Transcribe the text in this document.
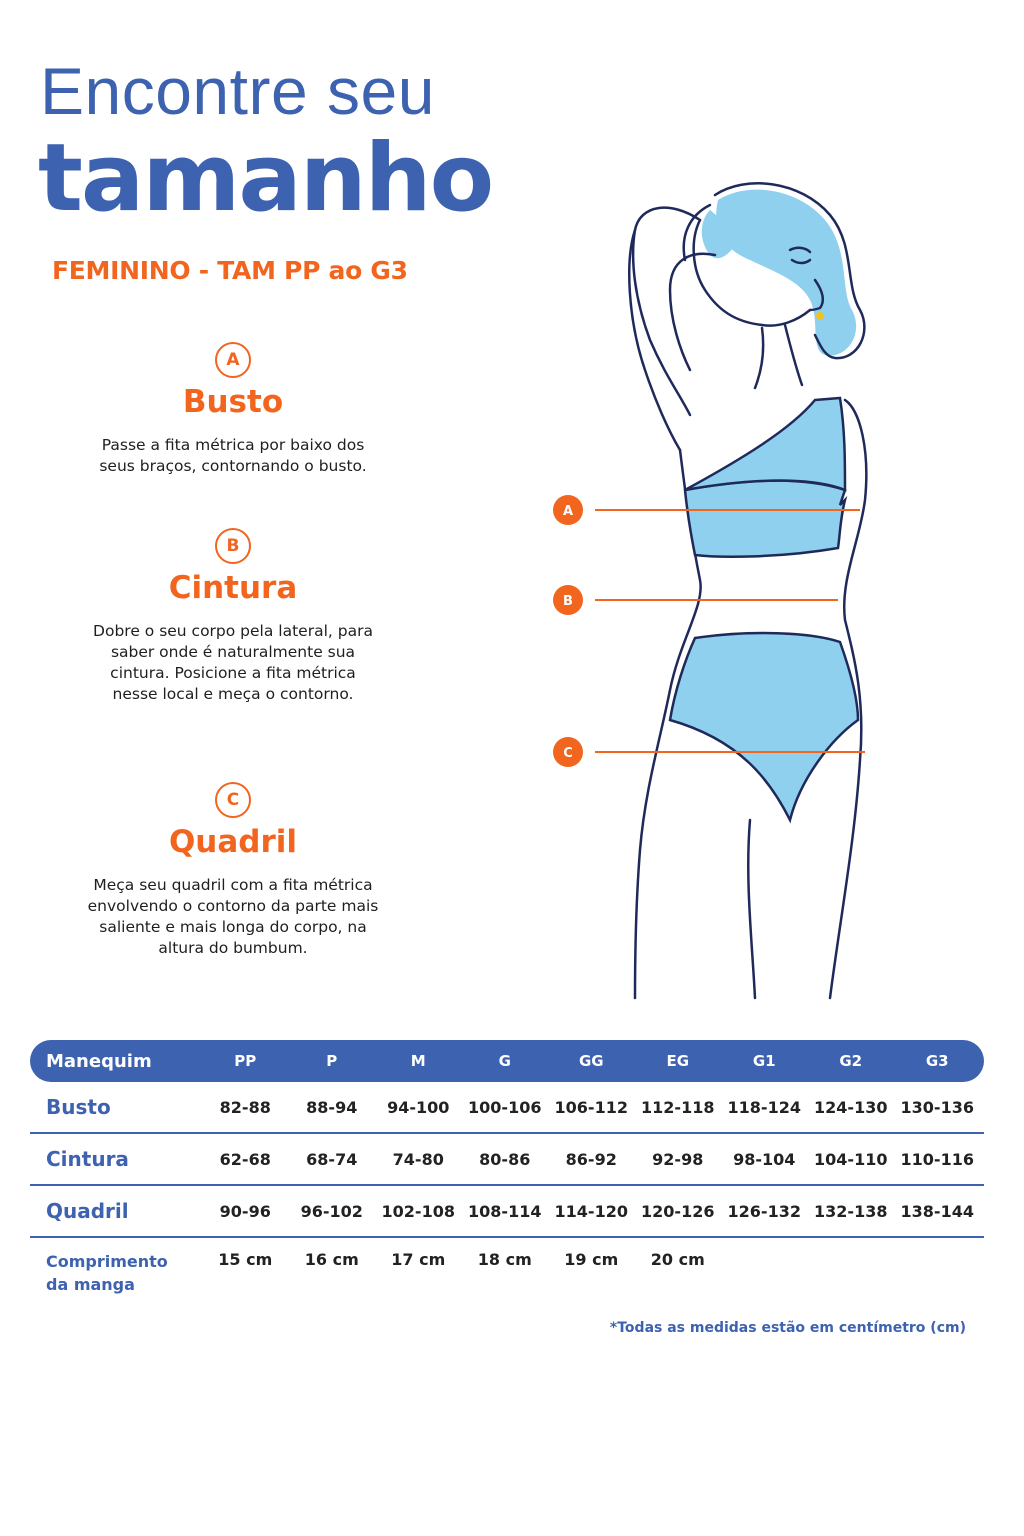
Encontre seu
tamanho
FEMININO - TAM PP ao G3
A
Busto
Passe a fita métrica por baixo dos seus braços, contornando o busto.
B
Cintura
Dobre o seu corpo pela lateral, para saber onde é naturalmente sua cintura. Posicione a fita métrica nesse local e meça o contorno.
C
Quadril
Meça seu quadril com a fita métrica envolvendo o contorno da parte mais saliente e mais longa do corpo, na altura do bumbum.
A
B
C
Manequim	PP	P	M	G	GG	EG	G1	G2	G3
Busto	82-88	88-94	94-100	100-106 106-112 112-118 118-124 124-130 130-136
Cintura	62-68	68-74	74-80	80-86	86-92	92-98	98-104	104-110 110-116
Quadril	90-96	96-102	102-108 108-114 114-120 120-126 126-132 132-138 138-144
Comprimento
da manga
15 cm	16 cm	17 cm	18 cm	19 cm	20 cm
*Todas as medidas estão em centímetro (cm)
